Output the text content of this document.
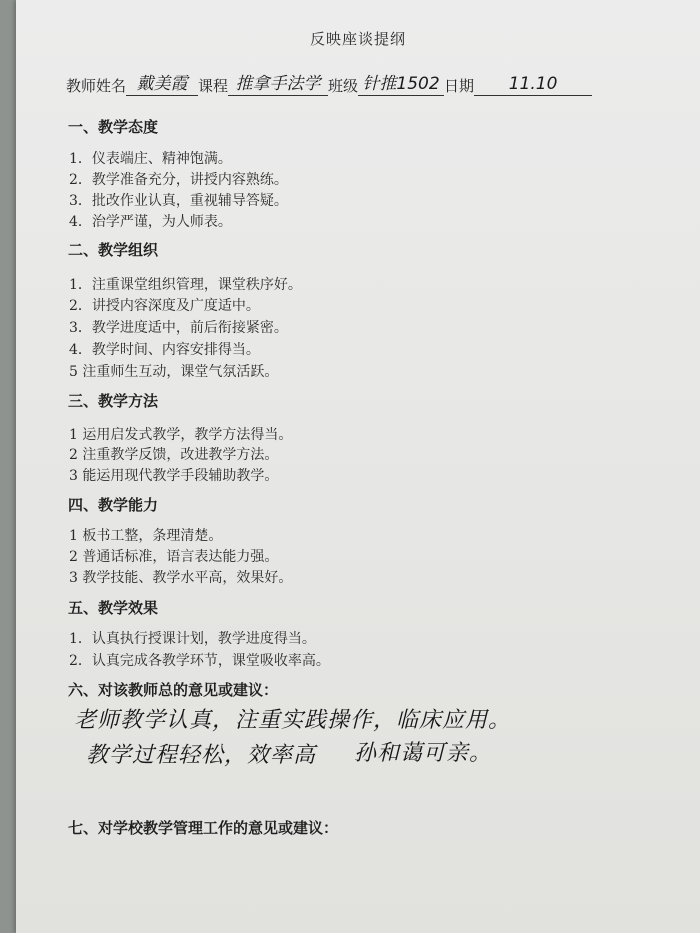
反映座谈提纲
教师姓名 戴美霞 课程 推拿手法学 班级 针推1502 日期	11.10
一、教学态度
1．仪表端庄、精神饱满。
2．教学准备充分，讲授内容熟练。
3．批改作业认真，重视辅导答疑。
4．治学严谨，为人师表。
二、教学组织
1．注重课堂组织管理，课堂秩序好。
2．讲授内容深度及广度适中。
3．教学进度适中，前后衔接紧密。
4．教学时间、内容安排得当。
5 注重师生互动，课堂气氛活跃。
三、教学方法
1 运用启发式教学，教学方法得当。
2 注重教学反馈，改进教学方法。
3 能运用现代教学手段辅助教学。
四、教学能力
1 板书工整，条理清楚。
2 普通话标准，语言表达能力强。
3 教学技能、教学水平高，效果好。
五、教学效果
1．认真执行授课计划，教学进度得当。
2．认真完成各教学环节，课堂吸收率高。
六、对该教师总的意见或建议：
老师教学认真，注重实践操作，临床应用。
教学过程轻松，效率高 孙和蔼可亲。
七、对学校教学管理工作的意见或建议：
